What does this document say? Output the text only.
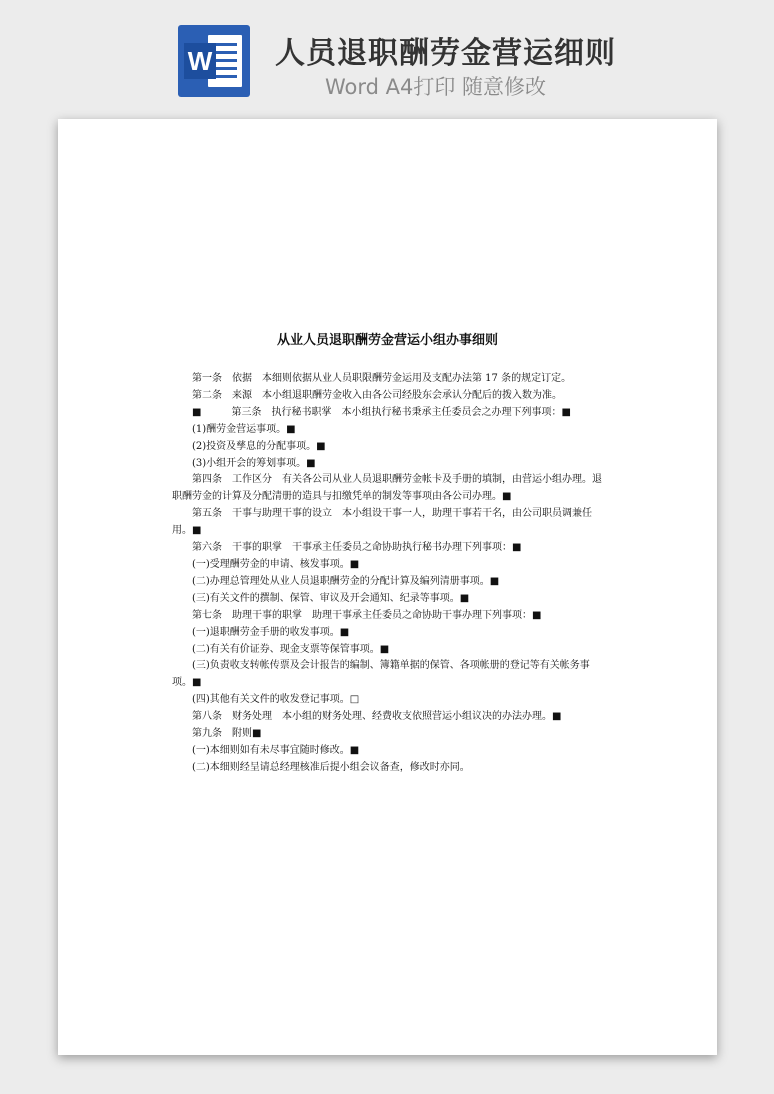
W 人员退职酬劳金营运细则
Word A4打印 随意修改
从业人员退职酬劳金营运小组办事细则

第一条　依据　本细则依据从业人员职限酬劳金运用及支配办法第 17 条的规定订定。

第二条　来源　本小组退职酬劳金收入由各公司经股东会承认分配后的拨入数为准。

■　　　第三条　执行秘书职掌　本小组执行秘书秉承主任委员会之办理下列事项：■

(1)酬劳金营运事项。■

(2)投资及孳息的分配事项。■

(3)小组开会的筹划事项。■

第四条　工作区分　有关各公司从业人员退职酬劳金帐卡及手册的填制，由营运小组办理。退职酬劳金的计算及分配清册的造具与扣缴凭单的制发等事项由各公司办理。■

第五条　干事与助理干事的设立　本小组设干事一人，助理干事若干名，由公司职员调兼任用。■

第六条　干事的职掌　干事承主任委员之命协助执行秘书办理下列事项：■

(一)受理酬劳金的申请、核发事项。■

(二)办理总管理处从业人员退职酬劳金的分配计算及编列清册事项。■

(三)有关文件的撰制、保管、审议及开会通知、纪录等事项。■

第七条　助理干事的职掌　助理干事承主任委员之命协助干事办理下列事项：■

(一)退职酬劳金手册的收发事项。■

(二)有关有价证券、现金支票等保管事项。■

(三)负责收支转帐传票及会计报告的编制、簿籍单据的保管、各项帐册的登记等有关帐务事项。■

(四)其他有关文件的收发登记事项。□

第八条　财务处理　本小组的财务处理、经费收支依照营运小组议决的办法办理。■

第九条　附则■

(一)本细则如有未尽事宜随时修改。■

(二)本细则经呈请总经理核准后提小组会议备查，修改时亦同。
